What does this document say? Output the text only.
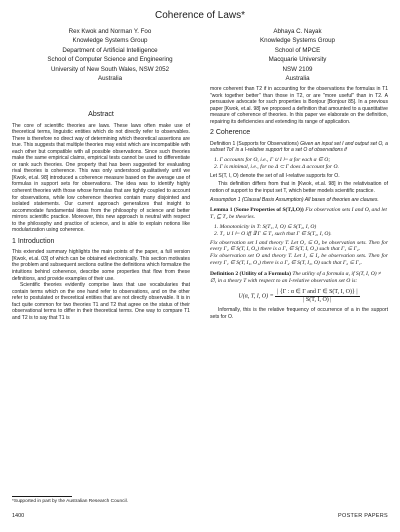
Coherence of Laws*
Rex Kwok and Norman Y. Foo
Knowledge Systems Group
Department of Artificial Intelligence
School of Computer Science and Engineering
University of New South Wales, NSW 2052
Australia
Abhaya C. Nayak
Knowledge Systems Group
School of MPCE
Macquarie University
NSW 2109
Australia
Abstract

The core of scientific theories are laws. These laws often make use of theoretical terms, linguistic entities which do not directly refer to observables. There is therefore no direct way of determining which theoretical assertions are true. This suggests that multiple theories may exist which are incompatible with each other but compatible with all possible observations. Since such theories make the same empirical claims, empirical tests cannot be used to differentiate or rank such theories. One property that has been suggested for evaluating rival theories is coherence. This was only understood qualitatively until we [Kwok, et.al. 98] introduced a coherence measure based on the average use of formulas in support sets for observations. The idea was to identify highly coherent theories with those whose formulas that are tightly coupled to account for observations, while low coherence theories contain many disjointed and isolated statements. Our current approach generalizes that insight to accommodate fundamental ideas from the philosophy of science and better mirrors scientific practice. Moreover, this new approach is neutral with respect to the philosophy and practice of science, and is able to explain notions like modularization using coherence.

1 Introduction

This extended summary highlights the main points of the paper, a full version [Kwok, et.al. 03] of which can be obtained electronically. This section motivates the problem and subsequent sections outline the definitions which formalize the intuitions behind coherence, describe some properties that flow from these definitions, and provide examples of their use.

Scientific theories evidently comprise laws that use vocabularies that contain terms which on the one hand refer to observations, and on the other refer to postulated or theoretical entities that are not directly observable. It is in fact quite common for two theories T1 and T2 that agree on the status of their observational terms to differ in their theoretical terms. One way to compare T1 and T2 is to say that T1 is

more coherent than T2 if in accounting for the observations the formulas in T1 "work together better" than those in T2, or are "more useful" than in T2. A persuasive advocate for such properties is Bonjour [Bonjour 85]. In a previous paper [Kwok, et.al. 98] we proposed a definition that amounted to a quantitative measure of coherence of theories. In this paper we elaborate on the definition, repairing its deficiencies and extending its range of application.

2 Coherence
Definition 1 (Supports for Observations) Given an input set I and output set O, a subset ToI′ is a I-relative support for a set O of observations if
1. Γ accounts for O, i.e., Γ ∪ I ⊢ α for each α ∈ O;
2. Γ is minimal, i.e., for no Δ ⊂ Γ does Δ account for O.

Let S(T, I, O) denote the set of all I-relative supports for O.

This definition differs from that in [Kwok, et.al. 98] in the relativisation of notion of support to the input set T, which better models scientific practice.

Assumption 1 (Clausal Basis Assumption) All bases of theories are clauses.

Lemma 1 (Some Properties of S(T,I,O)) Fix observation sets I and O, and let T₁ ⊑ T₂ be theories.
1. Monotonicity in T: S(T₁, I, O) ⊆ S(T₂, I, O)
2. T₁ ∪ I ⊢ O iff ∃ Γ ⊆ T₁ such that Γ ∈ S(T₂, I, O).

Fix observation set I and theory T. Let O₁ ⊆ O₂ be observation sets. Then for every Γ₂ ∈ S(T, I, O₂) there is a Γ₁ ∈ S(T, I, O₁) such that Γ₁ ⊆ Γ₂.

Fix observation set O and theory T. Let I₁ ⊆ I₂ be observation sets. Then for every Γ₁ ∈ S(T, I₁, O₁) there is a Γ₂ ∈ S(T, I₂, O) such that Γ₂ ⊆ Γ₁.

Definition 2 (Utility of a Formula) The utility of a formula α, if S(T, I, O) ≠ ∅, in a theory T with respect to an I-relative observation set O is:
U(α, T, I, $O) = \frac{\text{| \{Γ : α ∈ Γ and Γ ∈ S(T, I, O)\} |}}{| S(T, I, O) |}$

Informally, this is the relative frequency of occurrence of a in the support sets for O.

*Supported in part by the Australian Research Council.
1400	POSTER PAPERS
